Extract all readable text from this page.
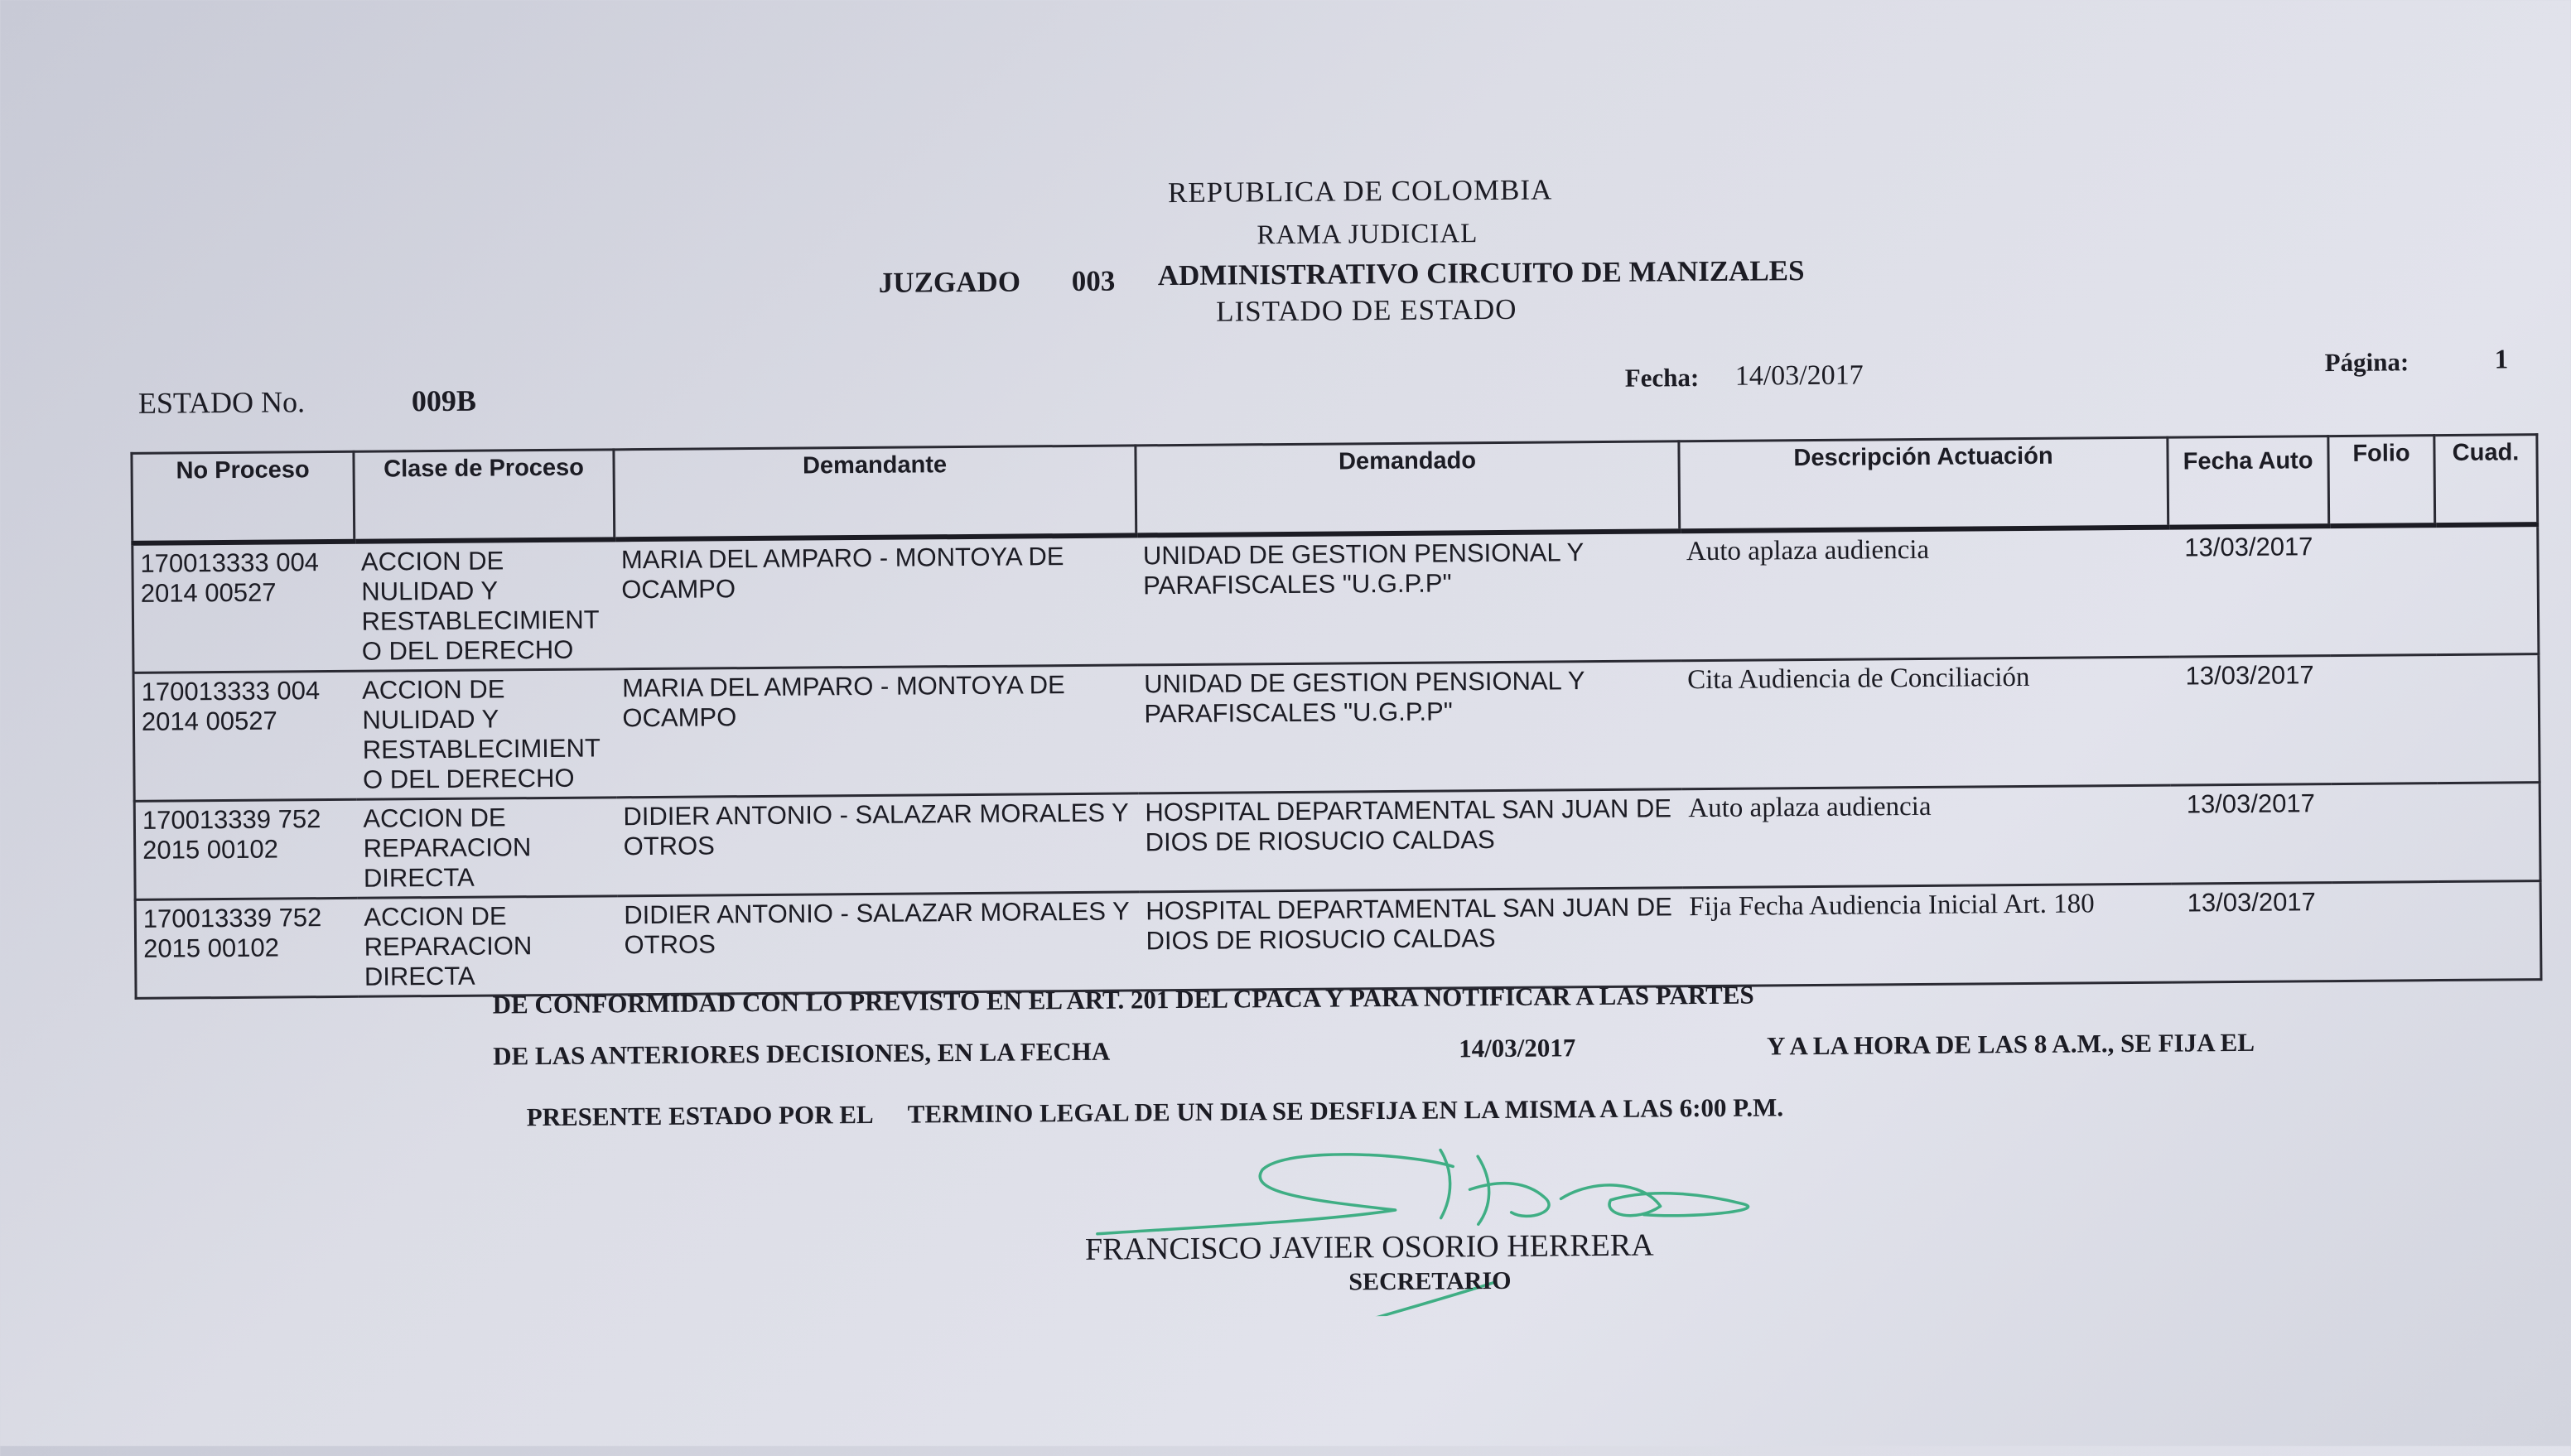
REPUBLICA DE COLOMBIA
RAMA JUDICIAL
JUZGADO 003 ADMINISTRATIVO CIRCUITO DE MANIZALES
LISTADO DE ESTADO
ESTADO No.	009B
Fecha: 14/03/2017	Página:	1
No Proceso	Clase de Proceso	Demandante	Demandado	Descripción Actuación	Fecha Auto	Folio	Cuad.
170013333 004
2014 00527	ACCION DE NULIDAD Y RESTABLECIMIENT O DEL DERECHO	MARIA DEL AMPARO - MONTOYA DE OCAMPO	UNIDAD DE GESTION PENSIONAL Y PARAFISCALES "U.G.P.P"	Auto aplaza audiencia	13/03/2017		
170013333 004
2014 00527	ACCION DE NULIDAD Y RESTABLECIMIENT O DEL DERECHO	MARIA DEL AMPARO - MONTOYA DE OCAMPO	UNIDAD DE GESTION PENSIONAL Y PARAFISCALES "U.G.P.P"	Cita Audiencia de Conciliación	13/03/2017		
170013339 752
2015 00102	ACCION DE REPARACION DIRECTA	DIDIER ANTONIO - SALAZAR MORALES Y OTROS	HOSPITAL DEPARTAMENTAL SAN JUAN DE DIOS DE RIOSUCIO CALDAS	Auto aplaza audiencia	13/03/2017		
170013339 752
2015 00102	ACCION DE REPARACION DIRECTA	DIDIER ANTONIO - SALAZAR MORALES Y OTROS	HOSPITAL DEPARTAMENTAL SAN JUAN DE DIOS DE RIOSUCIO CALDAS	Fija Fecha Audiencia Inicial Art. 180	13/03/2017		
DE CONFORMIDAD CON LO PREVISTO EN EL ART. 201 DEL CPACA Y PARA NOTIFICAR A LAS PARTES
DE LAS ANTERIORES DECISIONES, EN LA FECHA	14/03/2017	Y A LA HORA DE LAS 8 A.M., SE FIJA EL
PRESENTE ESTADO POR EL TERMINO LEGAL DE UN DIA SE DESFIJA EN LA MISMA A LAS 6:00 P.M.
FRANCISCO JAVIER OSORIO HERRERA
SECRETARIO
